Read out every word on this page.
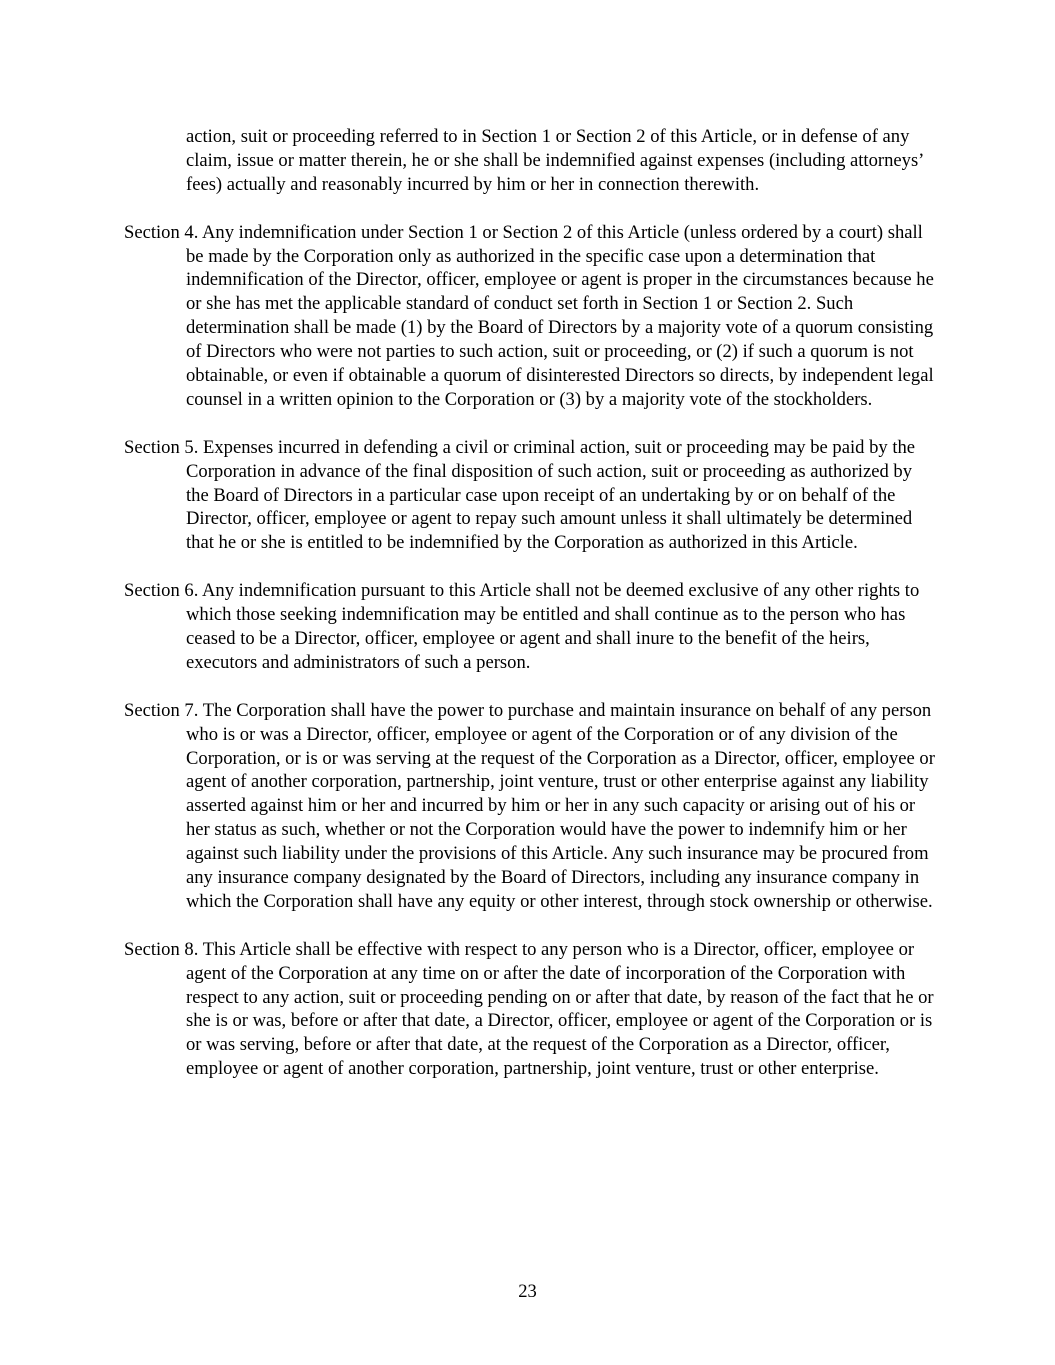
action, suit or proceeding referred to in Section 1 or Section 2 of this Article, or in defense of any claim, issue or matter therein, he or she shall be indemnified against expenses (including attorneys’ fees) actually and reasonably incurred by him or her in connection therewith.

Section 4. Any indemnification under Section 1 or Section 2 of this Article (unless ordered by a court) shall be made by the Corporation only as authorized in the specific case upon a determination that indemnification of the Director, officer, employee or agent is proper in the circumstances because he or she has met the applicable standard of conduct set forth in Section 1 or Section 2. Such determination shall be made (1) by the Board of Directors by a majority vote of a quorum consisting of Directors who were not parties to such action, suit or proceeding, or (2) if such a quorum is not obtainable, or even if obtainable a quorum of disinterested Directors so directs, by independent legal counsel in a written opinion to the Corporation or (3) by a majority vote of the stockholders.

Section 5. Expenses incurred in defending a civil or criminal action, suit or proceeding may be paid by the Corporation in advance of the final disposition of such action, suit or proceeding as authorized by the Board of Directors in a particular case upon receipt of an undertaking by or on behalf of the Director, officer, employee or agent to repay such amount unless it shall ultimately be determined that he or she is entitled to be indemnified by the Corporation as authorized in this Article.

Section 6. Any indemnification pursuant to this Article shall not be deemed exclusive of any other rights to which those seeking indemnification may be entitled and shall continue as to the person who has ceased to be a Director, officer, employee or agent and shall inure to the benefit of the heirs, executors and administrators of such a person.

Section 7. The Corporation shall have the power to purchase and maintain insurance on behalf of any person who is or was a Director, officer, employee or agent of the Corporation or of any division of the Corporation, or is or was serving at the request of the Corporation as a Director, officer, employee or agent of another corporation, partnership, joint venture, trust or other enterprise against any liability asserted against him or her and incurred by him or her in any such capacity or arising out of his or her status as such, whether or not the Corporation would have the power to indemnify him or her against such liability under the provisions of this Article. Any such insurance may be procured from any insurance company designated by the Board of Directors, including any insurance company in which the Corporation shall have any equity or other interest, through stock ownership or otherwise.

Section 8. This Article shall be effective with respect to any person who is a Director, officer, employee or agent of the Corporation at any time on or after the date of incorporation of the Corporation with respect to any action, suit or proceeding pending on or after that date, by reason of the fact that he or she is or was, before or after that date, a Director, officer, employee or agent of the Corporation or is or was serving, before or after that date, at the request of the Corporation as a Director, officer, employee or agent of another corporation, partnership, joint venture, trust or other enterprise.

23
